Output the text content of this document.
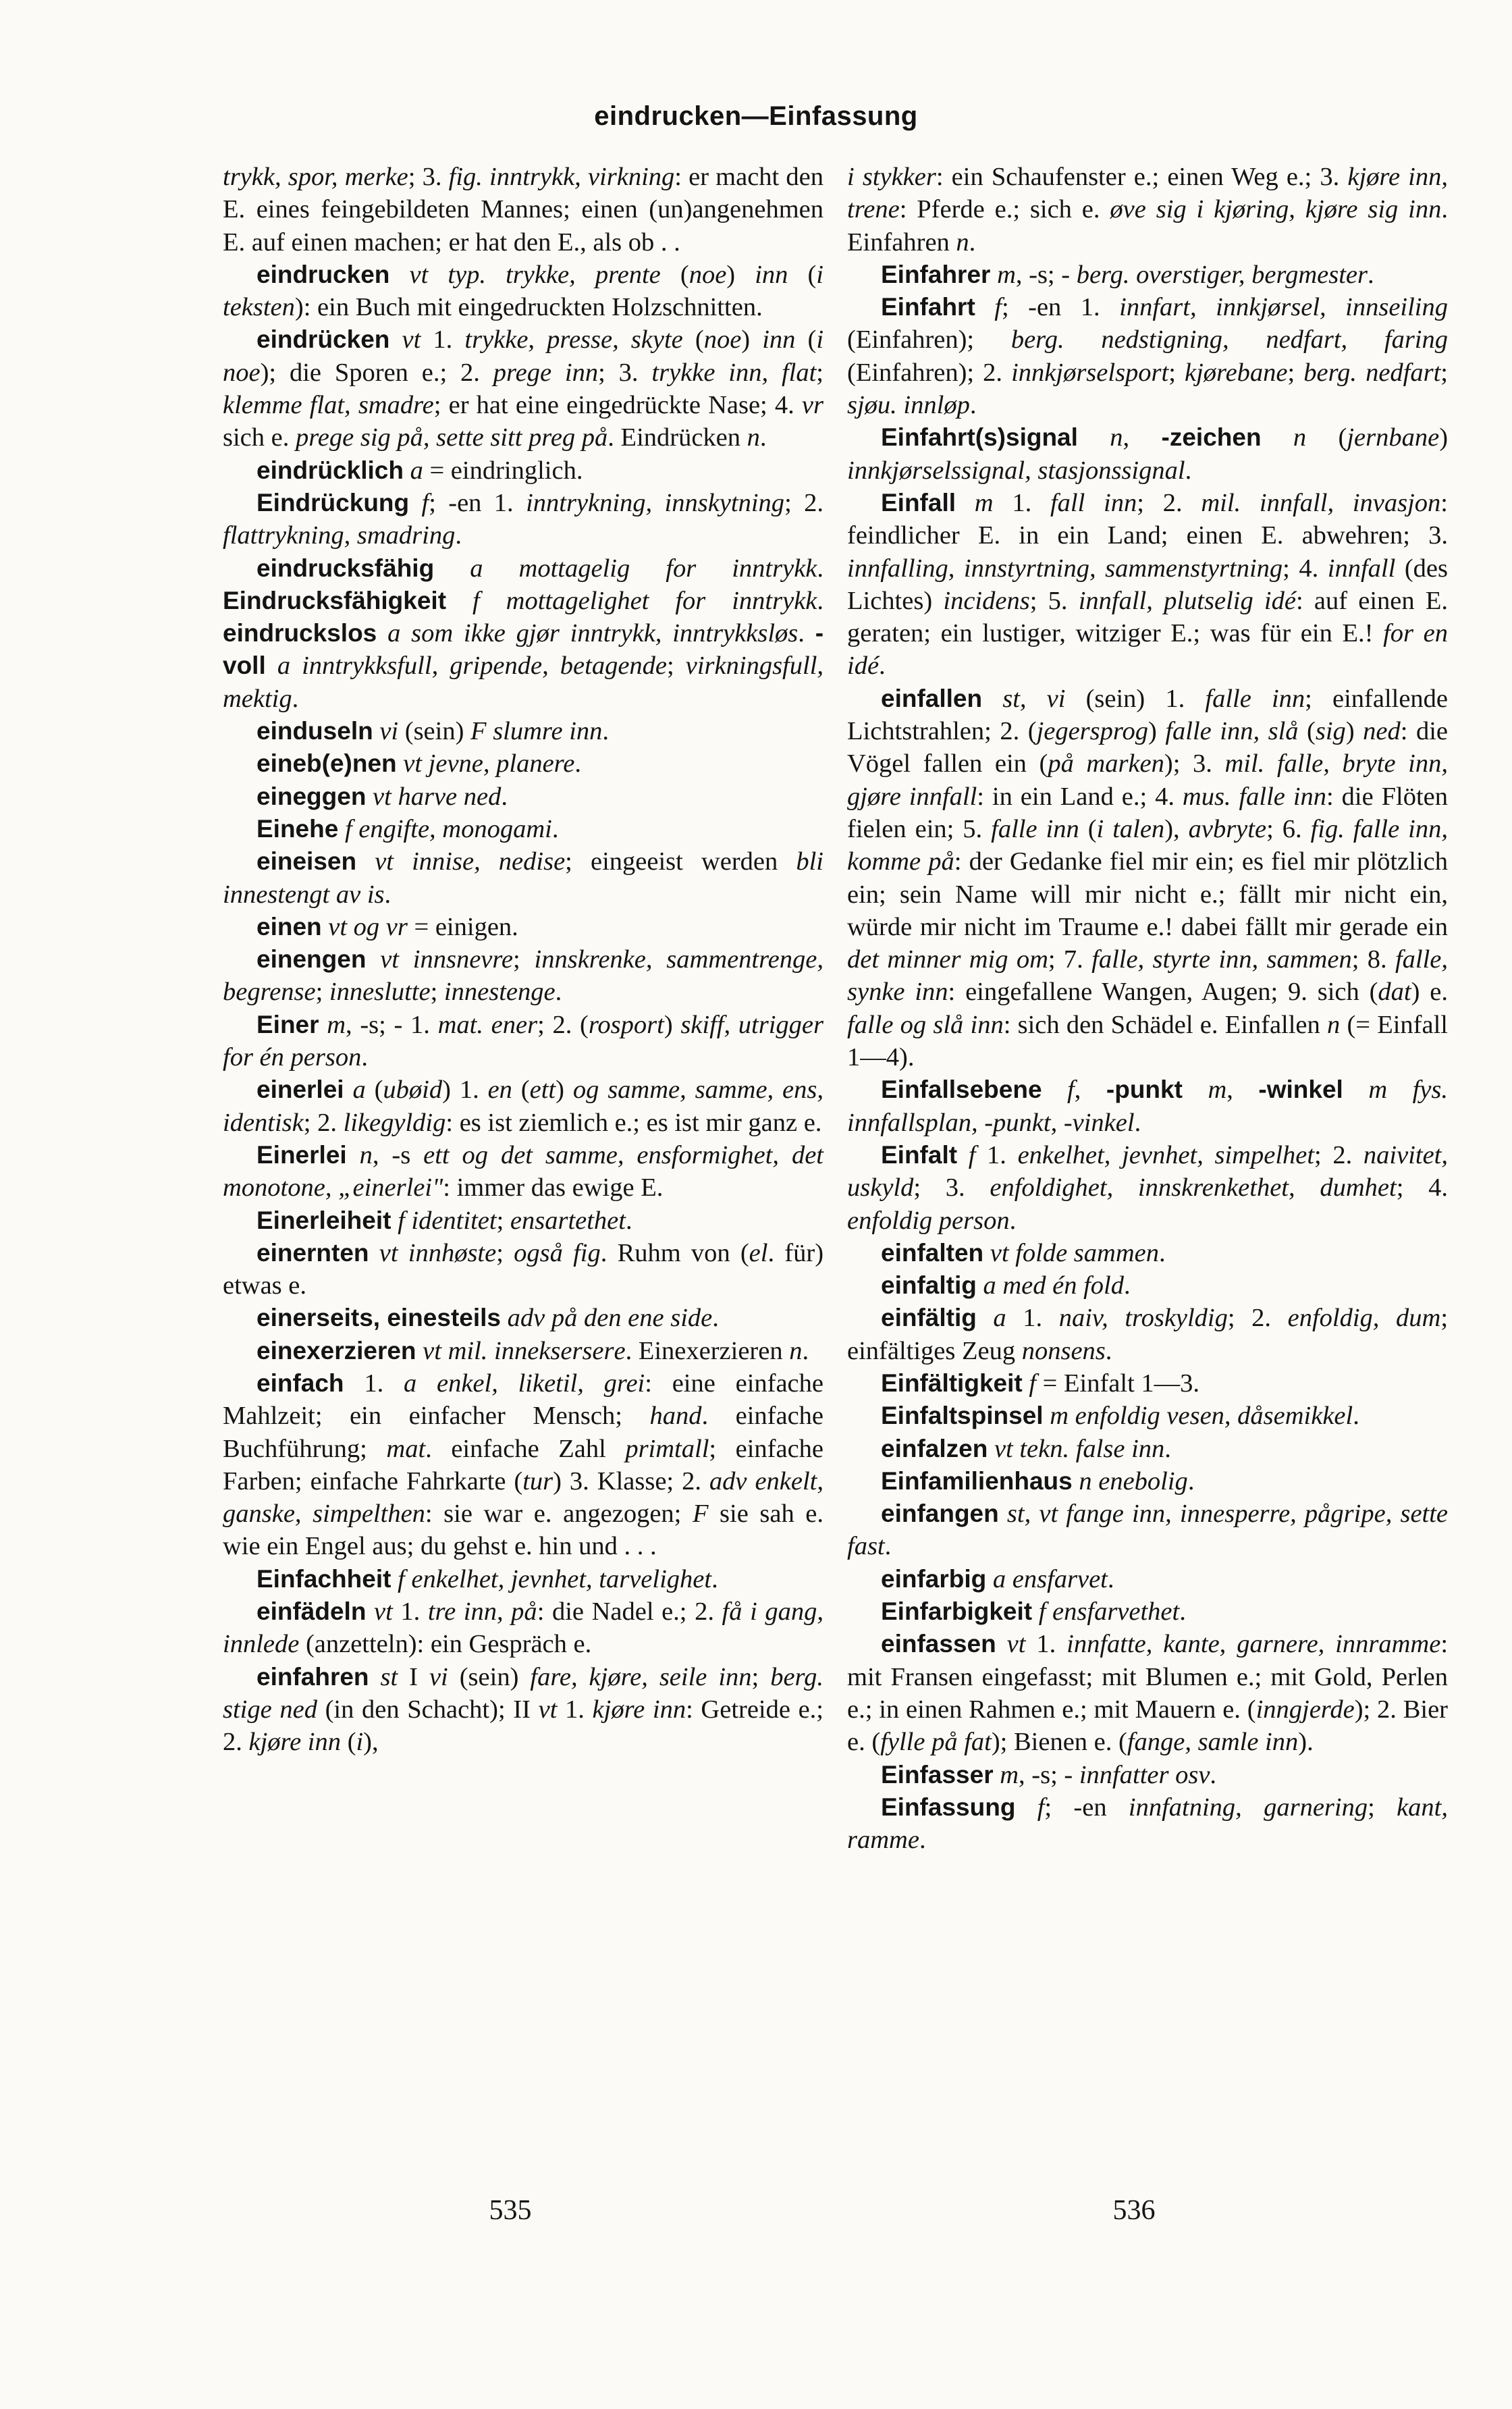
eindrucken—Einfassung

trykk, spor, merke; 3. fig. inntrykk, virkning: er macht den E. eines feingebildeten Mannes; einen (un)angenehmen E. auf einen machen; er hat den E., als ob . .

eindrucken vt typ. trykke, prente (noe) inn (i teksten): ein Buch mit eingedruckten Holzschnitten.

eindrücken vt 1. trykke, presse, skyte (noe) inn (i noe); die Sporen e.; 2. prege inn; 3. trykke inn, flat; klemme flat, smadre; er hat eine eingedrückte Nase; 4. vr sich e. prege sig på, sette sitt preg på. Eindrücken n.

eindrücklich a = eindringlich.

Eindrückung f; -en 1. inntrykning, innskytning; 2. flattrykning, smadring.

eindrucksfähig a mottagelig for inntrykk. Eindrucksfähigkeit f mottagelighet for inntrykk. eindruckslos a som ikke gjør inntrykk, inntrykksløs. -voll a inntrykksfull, gripende, betagende; virkningsfull, mektig.

einduseln vi (sein) F slumre inn.

eineb(e)nen vt jevne, planere.

eineggen vt harve ned.

Einehe f engifte, monogami.

eineisen vt innise, nedise; eingeeist werden bli innestengt av is.

einen vt og vr = einigen.

einengen vt innsnevre; innskrenke, sammentrenge, begrense; inneslutte; innestenge.

Einer m, -s; - 1. mat. ener; 2. (rosport) skiff, utrigger for én person.

einerlei a (ubøid) 1. en (ett) og samme, samme, ens, identisk; 2. likegyldig: es ist ziemlich e.; es ist mir ganz e.

Einerlei n, -s ett og det samme, ensformighet, det monotone, „einerlei": immer das ewige E.

Einerleiheit f identitet; ensartethet.

einernten vt innhøste; også fig. Ruhm von (el. für) etwas e.

einerseits, einesteils adv på den ene side.

einexerzieren vt mil. innekserserе. Einexerzieren n.

einfach 1. a enkel, liketil, grei: eine einfache Mahlzeit; ein einfacher Mensch; hand. einfache Buchführung; mat. einfache Zahl primtall; einfache Farben; einfache Fahrkarte (tur) 3. Klasse; 2. adv enkelt, ganske, simpelthen: sie war e. angezogen; F sie sah e. wie ein Engel aus; du gehst e. hin und . . .

Einfachheit f enkelhet, jevnhet, tarvelighet.

einfädeln vt 1. tre inn, på: die Nadel e.; 2. få i gang, innlede (anzetteln): ein Gespräch e.

einfahren st I vi (sein) fare, kjøre, seile inn; berg. stige ned (in den Schacht); II vt 1. kjøre inn: Getreide e.; 2. kjøre inn (i),

i stykker: ein Schaufenster e.; einen Weg e.; 3. kjøre inn, trene: Pferde e.; sich e. øve sig i kjøring, kjøre sig inn. Einfahren n.

Einfahrer m, -s; - berg. overstiger, bergmester.

Einfahrt f; -en 1. innfart, innkjørsel, innseiling (Einfahren); berg. nedstigning, nedfart, faring (Einfahren); 2. innkjørselsport; kjørebane; berg. nedfart; sjøu. innløp.

Einfahrt(s)signal n, -zeichen n (jernbane) innkjørselssignal, stasjonssignal.

Einfall m 1. fall inn; 2. mil. innfall, invasjon: feindlicher E. in ein Land; einen E. abwehren; 3. innfalling, innstyrtning, sammenstyrtning; 4. innfall (des Lichtes) incidens; 5. innfall, plutselig idé: auf einen E. geraten; ein lustiger, witziger E.; was für ein E.! for en idé.

einfallen st, vi (sein) 1. falle inn; einfallende Lichtstrahlen; 2. (jegersprog) falle inn, slå (sig) ned: die Vögel fallen ein (på marken); 3. mil. falle, bryte inn, gjøre innfall: in ein Land e.; 4. mus. falle inn: die Flöten fielen ein; 5. falle inn (i talen), avbryte; 6. fig. falle inn, komme på: der Gedanke fiel mir ein; es fiel mir plötzlich ein; sein Name will mir nicht e.; fällt mir nicht ein, würde mir nicht im Traume e.! dabei fällt mir gerade ein det minner mig om; 7. falle, styrte inn, sammen; 8. falle, synke inn: eingefallene Wangen, Augen; 9. sich (dat) e. falle og slå inn: sich den Schädel e. Einfallen n (= Einfall 1—4).

Einfallsebene f, -punkt m, -winkel m fys. innfallsplan, -punkt, -vinkel.

Einfalt f 1. enkelhet, jevnhet, simpelhet; 2. naivitet, uskyld; 3. enfoldighet, innskrenkethet, dumhet; 4. enfoldig person.

einfalten vt folde sammen.

einfaltig a med én fold.

einfältig a 1. naiv, troskyldig; 2. enfoldig, dum; einfältiges Zeug nonsens.

Einfältigkeit f = Einfalt 1—3.

Einfaltspinsel m enfoldig vesen, dåsemikkel.

einfalzen vt tekn. false inn.

Einfamilienhaus n enebolig.

einfangen st, vt fange inn, innesperre, pågripe, sette fast.

einfarbig a ensfarvet.

Einfarbigkeit f ensfarvethet.

einfassen vt 1. innfatte, kante, garnere, innramme: mit Fransen eingefasst; mit Blumen e.; mit Gold, Perlen e.; in einen Rahmen e.; mit Mauern e. (inngjerde); 2. Bier e. (fylle på fat); Bienen e. (fange, samle inn).

Einfasser m, -s; - innfatter osv.

Einfassung f; -en innfatning, garnering; kant, ramme.

535	536
